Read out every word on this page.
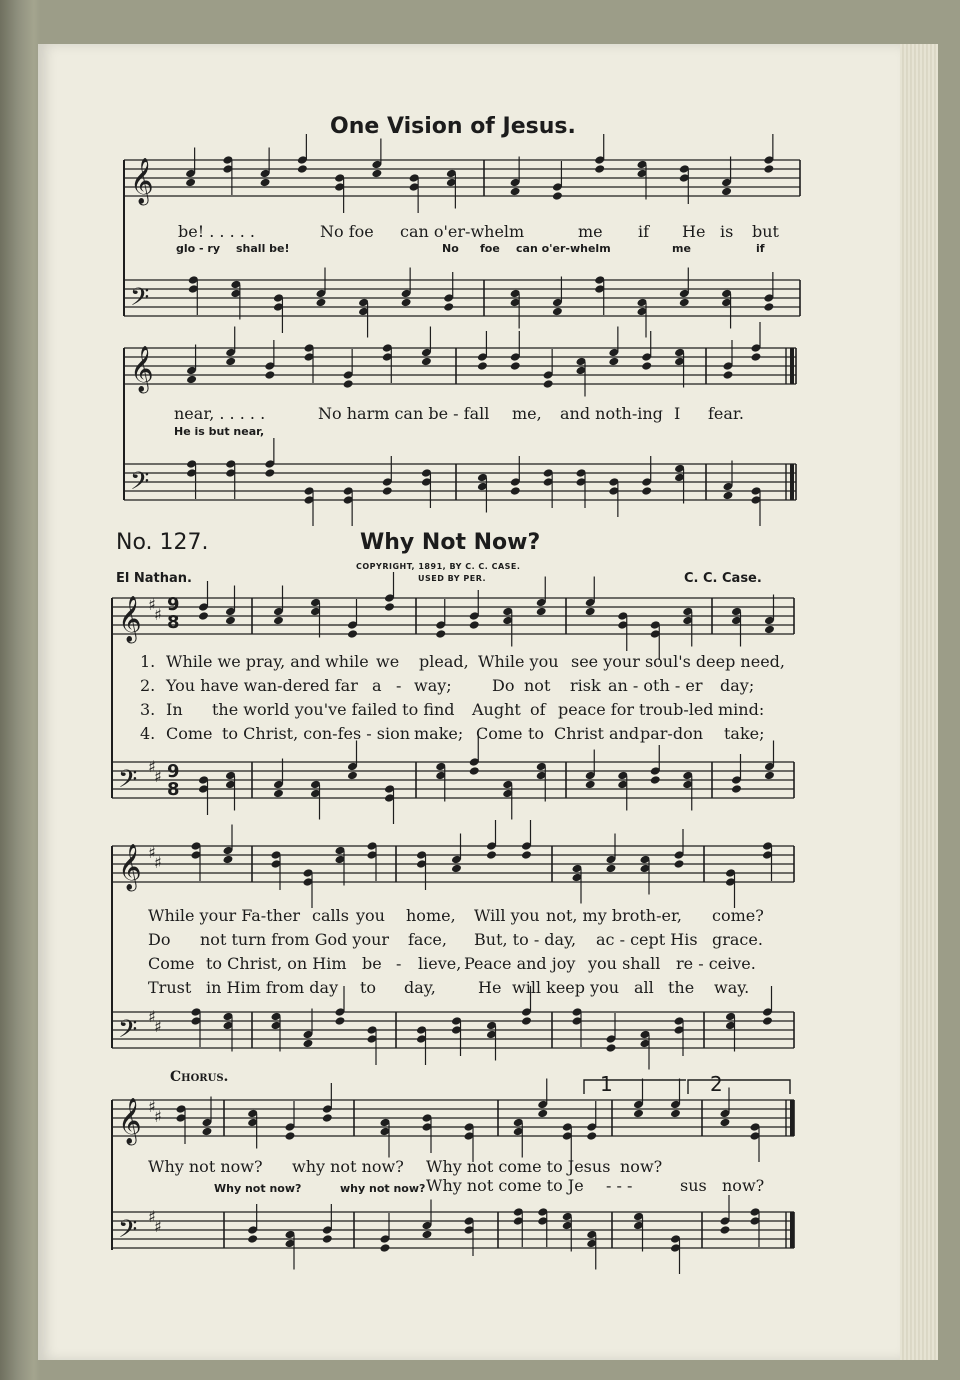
𝄞
𝄢
𝄞
𝄢
𝄞 ♯
♯
𝄢 ♯
♯
𝄞 ♯
♯
𝄢 ♯
♯
𝄞 ♯
♯
𝄢 ♯
♯
One Vision of Jesus.
be! . . . . .	No foe can o'er-whelm	me if He is but
glo - ry shall be!	No foe can o'er-whelm	me	if
near, . . . . .	No harm can be - fall me, and noth-ing I fear.
He is but near,
No. 127.	Why Not Now?
COPYRIGHT, 1891, BY C. C. CASE.
USED BY PER.
El Nathan.	C. C. Case.
9
8
9
8
1. While we pray, and while we plead, While you see your soul's deep need,
2. You have wan-dered far a - way;	Do not risk an - oth - er day;
3. In the world you've failed to find Aught of peace for troub-led mind:
4. Come to Christ, con-fes - sion make; Come to Christ and par-don take;
While your Fa-ther calls you home, Will you not, my broth-er, come?
Do not turn from God your face, But, to - day, ac - cept His grace.
Come to Christ, on Him be - lieve, Peace and joy you shall re - ceive.
Trust in Him from day to day,	He will keep you all the way.
Chorus.	1	2
Why not now? why not now? Why not come to Jesus now?
Why not now?	why not now? Why not come to Je - - -	sus now?
